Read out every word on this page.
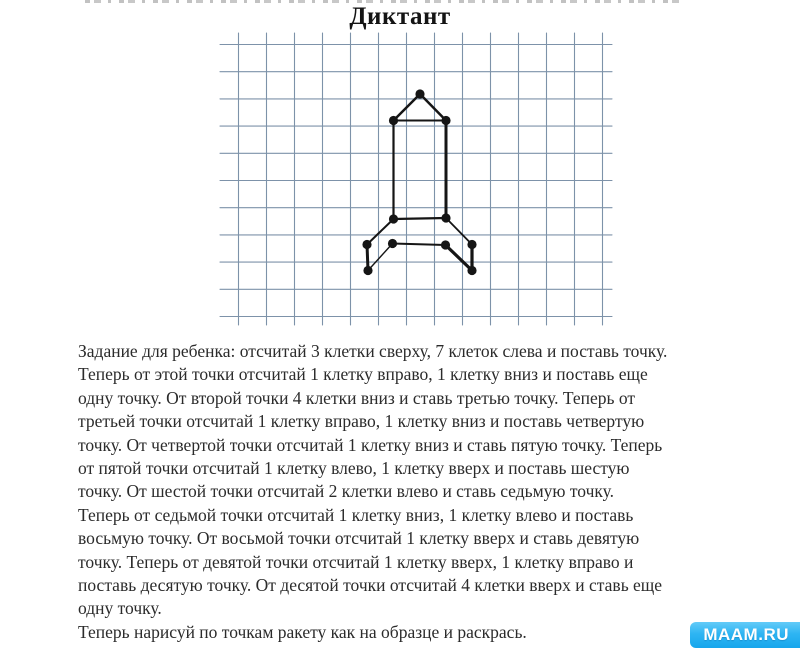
Диктант
Задание для ребенка: отсчитай 3 клетки сверху, 7 клеток слева и поставь точку.
Теперь от этой точки отсчитай 1 клетку вправо, 1 клетку вниз и поставь еще
одну точку. От второй точки 4 клетки вниз и ставь третью точку. Теперь от
третьей точки отсчитай 1 клетку вправо, 1 клетку вниз и поставь четвертую
точку. От четвертой точки отсчитай 1 клетку вниз и ставь пятую точку. Теперь
от пятой точки отсчитай 1 клетку влево, 1 клетку вверх и поставь шестую
точку. От шестой точки отсчитай 2 клетки влево и ставь седьмую точку.
Теперь от седьмой точки отсчитай 1 клетку вниз, 1 клетку влево и поставь
восьмую точку. От восьмой точки отсчитай 1 клетку вверх и ставь девятую
точку. Теперь от девятой точки отсчитай 1 клетку вверх, 1 клетку вправо и
поставь десятую точку. От десятой точки отсчитай 4 клетки вверх и ставь еще
одну точку.
Теперь нарисуй по точкам ракету как на образце и раскрась.	MAAM.RU
